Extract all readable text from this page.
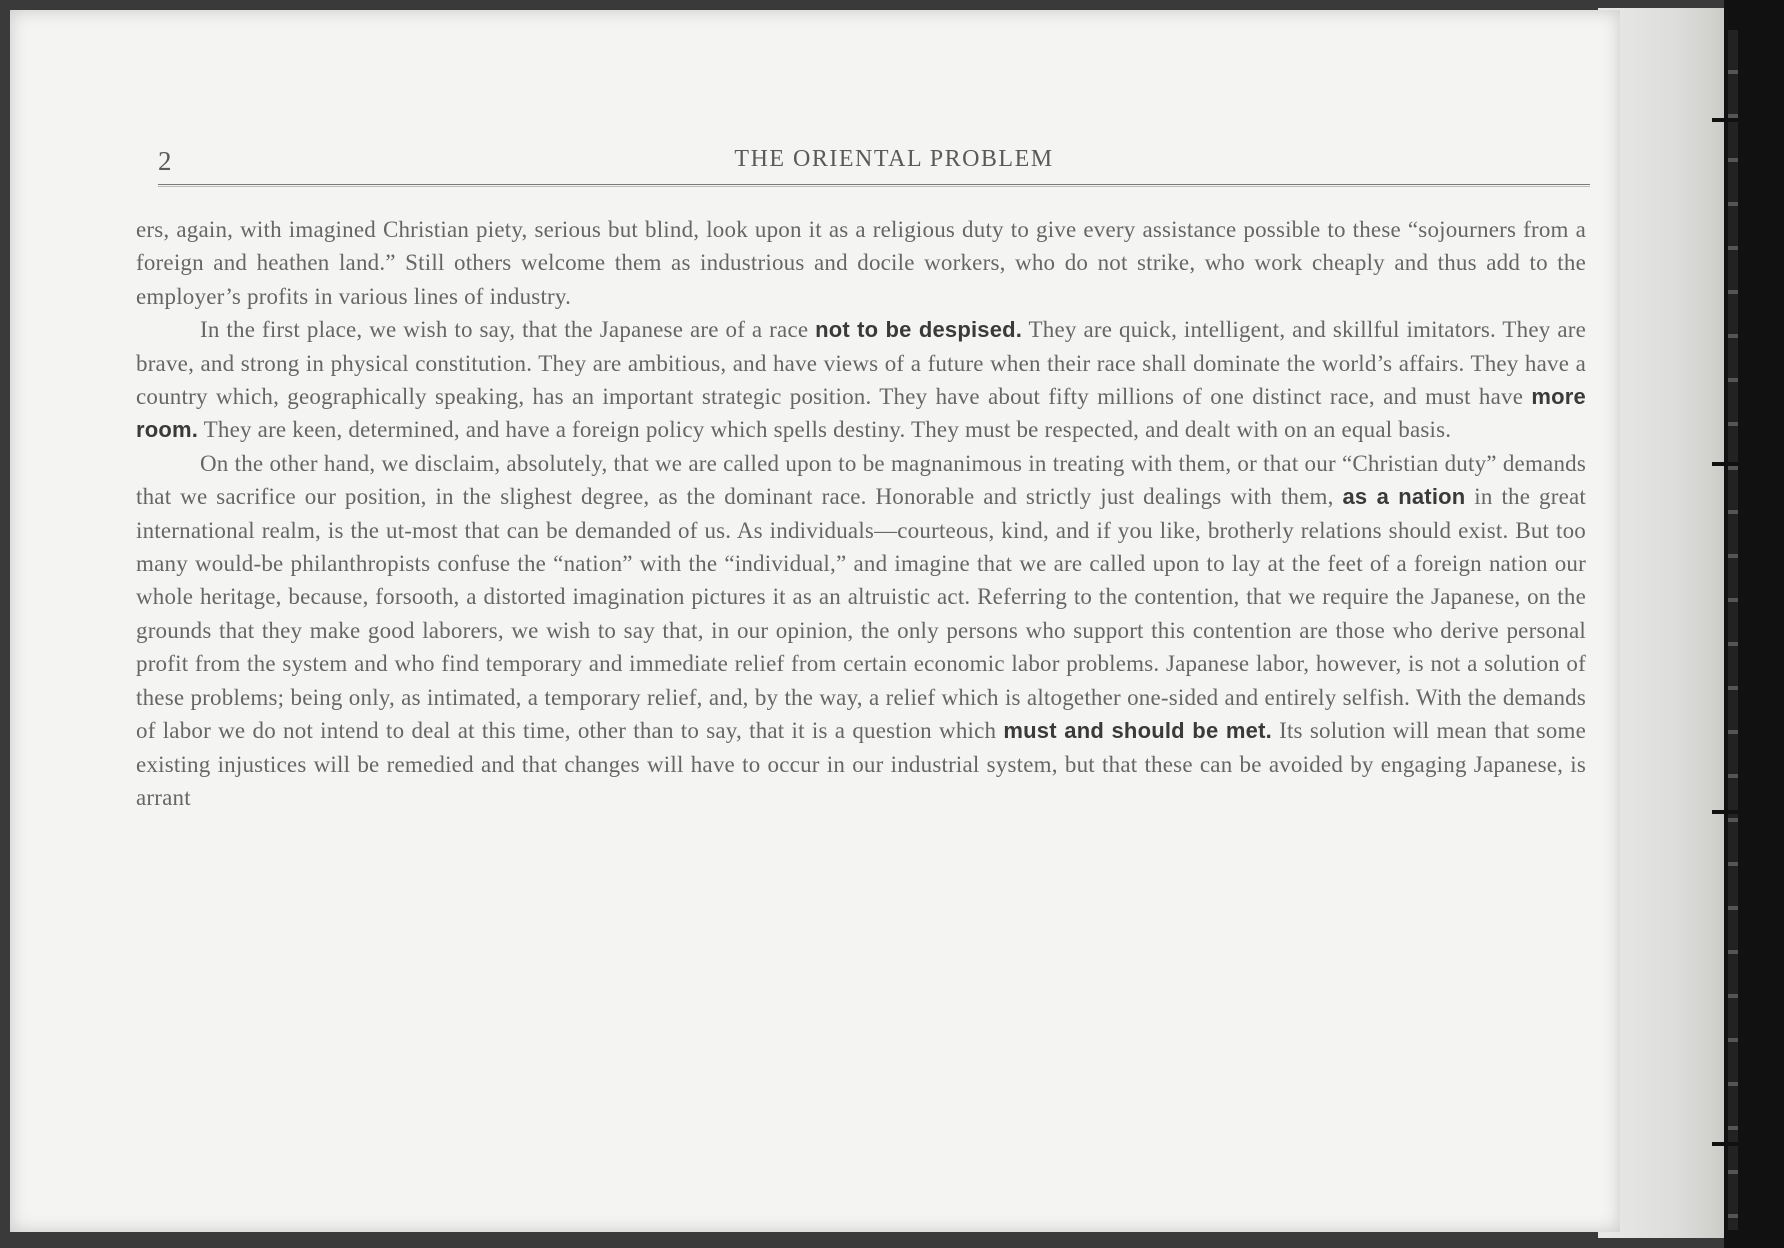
2	THE ORIENTAL PROBLEM

ers, again, with imagined Christian piety, serious but blind, look upon it as a religious duty to give every assistance possible to these “sojourners from a foreign and heathen land.” Still others welcome them as industrious and docile workers, who do not strike, who work cheaply and thus add to the employer’s profits in various lines of industry.

In the first place, we wish to say, that the Japanese are of a race not to be despised. They are quick, intelligent, and skillful imitators. They are brave, and strong in physical constitution. They are ambitious, and have views of a future when their race shall dominate the world’s affairs. They have a country which, geographically speaking, has an important strategic position. They have about fifty millions of one distinct race, and must have more room. They are keen, determined, and have a foreign policy which spells destiny. They must be respected, and dealt with on an equal basis.

On the other hand, we disclaim, absolutely, that we are called upon to be magnanimous in treating with them, or that our “Christian duty” demands that we sacrifice our position, in the slighest degree, as the dominant race. Honorable and strictly just dealings with them, as a nation in the great international realm, is the ut-most that can be demanded of us. As individuals—courteous, kind, and if you like, brotherly relations should exist. But too many would-be philanthropists confuse the “nation” with the “individual,” and imagine that we are called upon to lay at the feet of a foreign nation our whole heritage, because, forsooth, a distorted imagination pictures it as an altruistic act. Referring to the contention, that we require the Japanese, on the grounds that they make good laborers, we wish to say that, in our opinion, the only persons who support this contention are those who derive personal profit from the system and who find temporary and immediate relief from certain economic labor problems. Japanese labor, however, is not a solution of these problems; being only, as intimated, a temporary relief, and, by the way, a relief which is altogether one-sided and entirely selfish. With the demands of labor we do not intend to deal at this time, other than to say, that it is a question which must and should be met. Its solution will mean that some existing injustices will be remedied and that changes will have to occur in our industrial system, but that these can be avoided by engaging Japanese, is arrant
